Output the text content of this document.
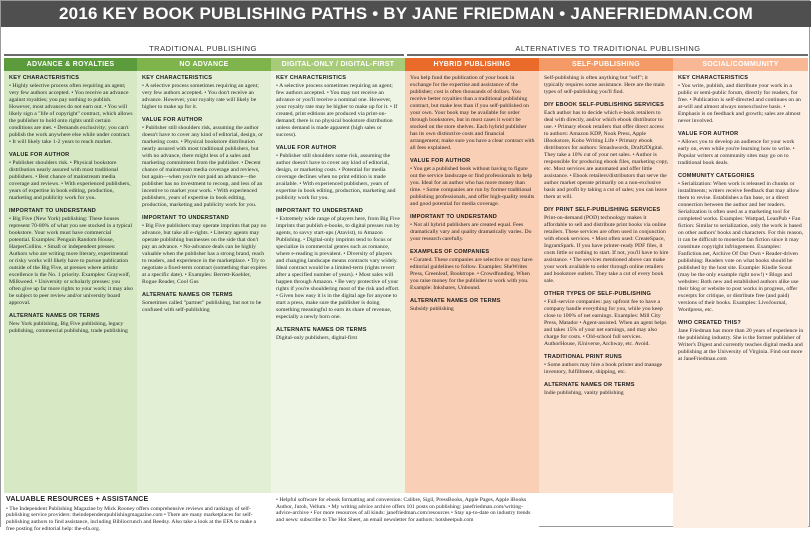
2016 KEY BOOK PUBLISHING PATHS • BY JANE FRIEDMAN • JANEFRIEDMAN.COM
TRADITIONAL PUBLISHING	ALTERNATIVES TO TRADITIONAL PUBLISHING
ADVANCE & ROYALTIES
KEY CHARACTERISTICS

• Highly selective process often requiring an agent; very few authors accepted. • You receive an advance against royalties; you pay nothing to publish. However, most advances do not earn out. • You will likely sign a "life of copyright" contract, which allows the publisher to hold onto rights until certain conditions are met. • Demands exclusivity; you can't publish the work anywhere else while under contract. • It will likely take 1-2 years to reach market.

VALUE FOR AUTHOR

• Publisher shoulders risk. • Physical bookstore distribution nearly assured with most traditional publishers. • Best chance of mainstream media coverage and reviews. • With experienced publishers, years of expertise in book editing, production, marketing and publicity work for you.

IMPORTANT TO UNDERSTAND

• Big Five (New York) publishing: These houses represent 70-80% of what you see stocked in a typical bookstore. Your work must have commercial potential. Examples: Penguin Random House, HarperCollins. • Small or independent presses: Authors who are writing more literary, experimental or risky works will likely have to pursue publication outside of the Big Five, at presses where artistic excellence is the No. 1 priority. Examples: Graywolf, Milkweed. • University or scholarly presses: you often give up far more rights to your work; it may also be subject to peer review and/or university board approval.

ALTERNATE NAMES OR TERMS

New York publishing, Big Five publishing, legacy publishing, commercial publishing, trade publishing

NO ADVANCE
KEY CHARACTERISTICS

• A selective process sometimes requiring an agent; very few authors accepted. • You don't receive an advance. However, your royalty rate will likely be higher to make up for it.

VALUE FOR AUTHOR

• Publisher still shoulders risk, assuming the author doesn't have to cover any kind of editorial, design, or marketing costs. • Physical bookstore distribution nearly assured with most traditional publishers, but with no advance, there might less of a sales and marketing commitment from the publisher. • Decent chance of mainstream media coverage and reviews, but again—when you're not paid an advance—the publisher has no investment to recoup, and less of an incentive to market your work. • With experienced publishers, years of expertise in book editing, production, marketing and publicity work for you.

IMPORTANT TO UNDERSTAND

• Big Five publishers may operate imprints that pay no advance, but take all e-rights. • Literary agents may operate publishing businesses on the side that don't pay an advance. • No-advance deals can be highly valuable when the publisher has a strong brand, reach to readers, and experience in the marketplace. • Try to negotiate a fixed-term contract (something that expires at a specific date). • Examples: Berrett-Koehler, Rogue Reader, Cool Gus

ALTERNATE NAMES OR TERMS

Sometimes called "partner" publishing, but not to be confused with self-publishing

DIGITAL-ONLY / DIGITAL-FIRST
KEY CHARACTERISTICS

• A selective process sometimes requiring an agent; few authors accepted. • You may not receive an advance or you'll receive a nominal one. However, your royalty rate may be higher to make up for it. • If created, print editions are produced via print-on-demand; there is no physical bookstore distribution unless demand is made apparent (high sales or success).

VALUE FOR AUTHOR

• Publisher still shoulders some risk, assuming the author doesn't have to cover any kind of editorial, design, or marketing costs. • Potential for media coverage declines when no print edition is made available. • With experienced publishers, years of expertise in book editing, production, marketing and publicity work for you.

IMPORTANT TO UNDERSTAND

• Extremely wide range of players here, from Big Five imprints that publish e-books, to digital presses run by agents, to savvy start-ups (Atavist), to Amazon Publishing. • Digital-only imprints tend to focus or specialize in commercial genres such as romance, where e-reading is prevalent. • Diversity of players and changing landscape means contracts vary widely. Ideal contract would be a limited-term (rights revert after a specified number of years). • Most sales will happen through Amazon. • Be very protective of your rights if you're shouldering most of the risk and effort. • Given how easy it is in the digital age for anyone to start a press, make sure the publisher is doing something meaningful to earn its share of revenue, especially a newly born one.

ALTERNATE NAMES OR TERMS

Digital-only publishers, digital-first

HYBRID PUBLISHING

You help fund the publication of your book in exchange for the expertise and assistance of the publisher; cost is often thousands of dollars. You receive better royalties than a traditional publishing contract, but make less than if you self-published on your own. Your book may be available for order through bookstores, but in most cases it won't be stocked on the store shelves. Each hybrid publisher has its own distinctive costs and financial arrangement; make sure you have a clear contract with all fees explained.

VALUE FOR AUTHOR

• You get a published book without having to figure out the service landscape or find professionals to help you. Ideal for an author who has more money than time. • Some companies are run by former traditional publishing professionals, and offer high-quality results and good potential for media coverage.

IMPORTANT TO UNDERSTAND

• Not all hybrid publishers are created equal. Fees dramatically vary and quality dramatically varies. Do your research carefully.

EXAMPLES OF COMPANIES

• Curated. These companies are selective or may have editorial guidelines to follow. Examples: SheWrites Press, Greenleaf, Booktrope. • Crowdfunding. When you raise money for the publisher to work with you. Example: Inkshares, Unbound.

ALTERNATE NAMES OR TERMS

Subsidy publishing

SELF-PUBLISHING

Self-publishing is often anything but "self"; it typically requires some assistance. Here are the main types of self-publishing you'll find.

DIY EBOOK SELF-PUBLISHING SERVICES

Each author has to decide which e-book retailers to deal with directly, and/or which ebook distributor to use. • Primary ebook retailers that offer direct access to authors: Amazon KDP, Nook Press, Apple iBookstore, Kobo Writing Life • Primary ebook distributors for authors: Smashwords, Draft2Digital. They take a 10% cut of your net sales. • Author is responsible for producing ebook files, marketing copy, etc. Most services are automated and offer little assistance. • Ebook retailers/distributors that serve the author market operate primarily on a non-exclusive basis and profit by taking a cut of sales; you can leave them at will.

DIY PRINT SELF-PUBLISHING SERVICES

Print-on-demand (POD) technology makes it affordable to sell and distribute print books via online retailers. These services are often used in conjunction with ebook services. • Most often used: CreateSpace, IngramSpark. If you have printer-ready PDF files, it costs little or nothing to start. If not, you'll have to hire assistance. • The services mentioned above can make your work available to order through online retailers and bookstore outlets. They take a cut of every book sale.

OTHER TYPES OF SELF-PUBLISHING

• Full-service companies: pay upfront fee to have a company handle everything for you, while you keep close to 100% of net earnings. Examples: Mill City Press, Matador • Agent-assisted. When an agent helps and takes 15% of your net earnings, and may also charge for costs. • Old-school full services. AuthorHouse, iUniverse, Archway, etc. Avoid.

TRADITIONAL PRINT RUNS

• Some authors may hire a book printer and manage inventory, fulfillment, shipping, etc.

ALTERNATE NAMES OR TERMS

Indie publishing, vanity publishing

SOCIAL/COMMUNITY
KEY CHARACTERISTICS

• You write, publish, and distribute your work in a public or semi-public forum, directly for readers, for free. • Publication is self-directed and continues on an at-will and almost always nonexclusive basis. • Emphasis is on feedback and growth; sales are almost never involved.

VALUE FOR AUTHOR

• Allows you to develop an audience for your work early on, even while you're learning how to write. • Popular writers at community sites may go on to traditional book deals.

COMMUNITY CATEGORIES

• Serialization: When work is released in chunks or installments; writers receive feedback that may allow them to revise. Establishes a fan base, or a direct connection between the author and her readers. Serialization is often used as a marketing tool for completed works. Examples: Wattpad, LeanPub • Fan fiction: Similar to serialization, only the work is based on other authors' books and characters. For this reason, it can be difficult to monetize fan fiction since it may constitute copyright infringement. Examples: Fanfiction.net, Archive Of Our Own • Reader-driven publishing: Readers vote on what books should be published by the host site. Example: Kindle Scout (may be the only example right now!) • Blogs and websites: Both new and established authors alike use their blog or website to post works in progress, offer excerpts for critique, or distribute free (and paid) versions of their books. Examples: LiveJournal, Wordpress, etc.

WHO CREATED THIS?

Jane Friedman has more than 20 years of experience in the publishing industry. She is the former publisher of Writer's Digest and currently teaches digital media and publishing at the University of Virginia. Find out more at JaneFriedman.com

VALUABLE RESOURCES + ASSISTANCE

• The Independent Publishing Magazine by Mick Rooney offers comprehensive reviews and rankings of self-publishing service providers: theindependentpublishingmagazine.com • There are many marketplaces for self-publishing authors to find assistance, including Bibliocrunch and Reedsy. Also take a look at the EFA to make a free posting for editorial help: the-efa.org.

• Helpful software for ebook formatting and conversion: Calibre, Sigil, PressBooks, Apple Pages, Apple iBooks Author, Jutoh, Vellum. • My writing advice archive offers 101 posts on publishing: janefriedman.com/writing-advice-archive • For more resources of all kinds: janefriedman.com/resources • Stay up-to-date on industry trends and news: subscribe to The Hot Sheet, an email newsletter for authors: hotsheetpub.com
